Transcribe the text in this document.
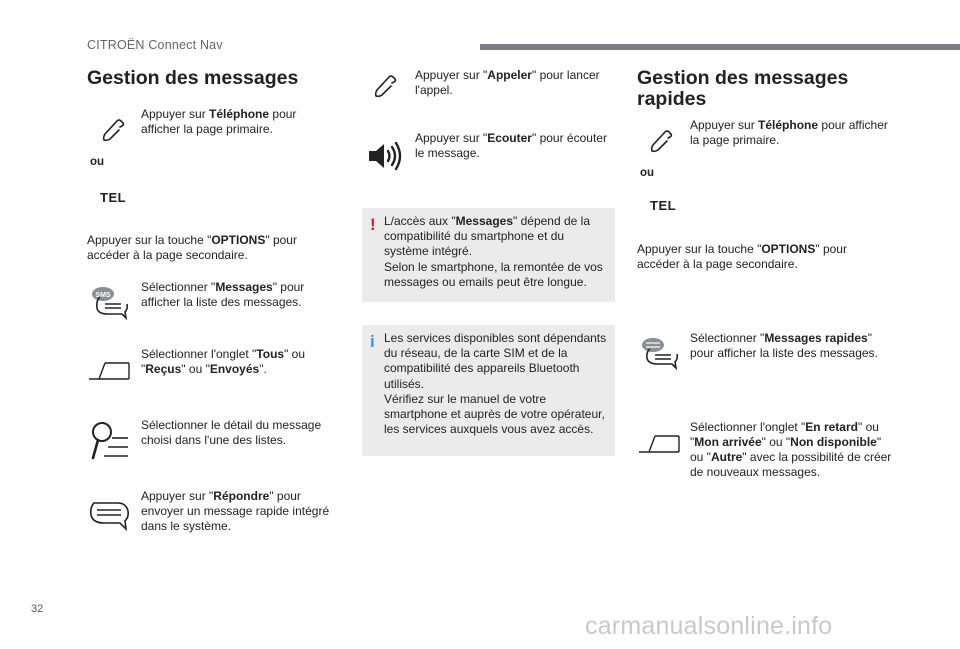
CITROËN Connect Nav
Gestion des messages
Appuyer sur Téléphone pour afficher la page primaire.
ou
TEL
Appuyer sur la touche "OPTIONS" pour accéder à la page secondaire.
SMS
Sélectionner "Messages" pour afficher la liste des messages.
Sélectionner l'onglet "Tous" ou "Reçus" ou "Envoyés".
Sélectionner le détail du message choisi dans l'une des listes.
Appuyer sur "Répondre" pour envoyer un message rapide intégré dans le système.
Appuyer sur "Appeler" pour lancer l'appel.
Appuyer sur "Ecouter" pour écouter le message.
! L/accès aux "Messages" dépend de la compatibilité du smartphone et du système intégré.
Selon le smartphone, la remontée de vos messages ou emails peut être longue.
i Les services disponibles sont dépendants du réseau, de la carte SIM et de la compatibilité des appareils Bluetooth utilisés.
Vérifiez sur le manuel de votre smartphone et auprès de votre opérateur, les services auxquels vous avez accès.
Gestion des messages
rapides
Appuyer sur Téléphone pour afficher la page primaire.
ou
TEL
Appuyer sur la touche "OPTIONS" pour accéder à la page secondaire.
Sélectionner "Messages rapides" pour afficher la liste des messages.
Sélectionner l'onglet "En retard" ou "Mon arrivée" ou "Non disponible" ou "Autre" avec la possibilité de créer de nouveaux messages.
32
carmanualsonline.info
